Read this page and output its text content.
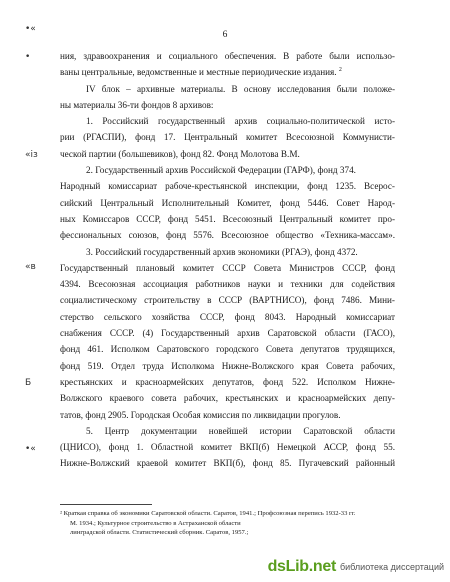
6
•«
•
«із
«в
Б
•«
ния, здравоохранения и социального обеспечения. В работе были использо-
ваны центральные, ведомственные и местные периодические издания. $^2$
IV блок – архивные материалы. В основу исследования были положе-
ны материалы 36-ти фондов 8 архивов:
1. Российский государственный архив социально-политической исто-
рии (РГАСПИ), фонд 17. Центральный комитет Всесоюзной Коммунисти-
ческой партии (большевиков), фонд 82. Фонд Молотова В.М.
2. Государственный архив Российской Федерации (ГАРФ), фонд 374.
Народный комиссариат рабоче-крестьянской инспекции, фонд 1235. Всерос-
сийский Центральный Исполнительный Комитет, фонд 5446. Совет Народ-
ных Комиссаров СССР, фонд 5451. Всесоюзный Центральный комитет про-
фессиональных союзов, фонд 5576. Всесоюзное общество «Техника-массам».
3. Российский государственный архив экономики (РГАЭ), фонд 4372.
Государственный плановый комитет СССР Совета Министров СССР, фонд
4394. Всесоюзная ассоциация работников науки и техники для содействия
социалистическому строительству в СССР (ВАРТНИСО), фонд 7486. Мини-
стерство сельского хозяйства СССР, фонд 8043. Народный комиссариат
снабжения СССР. (4) Государственный архив Саратовской области (ГАСО),
фонд 461. Исполком Саратовского городского Совета депутатов трудящихся,
фонд 519. Отдел труда Исполкома Нижне-Волжского края Совета рабочих,
крестьянских и красноармейских депутатов, фонд 522. Исполком Нижне-
Волжского краевого совета рабочих, крестьянских и красноармейских депу-
татов, фонд 2905. Городская Особая комиссия по ликвидации прогулов.
5. Центр документации новейшей истории Саратовской области
(ЦНИСО), фонд 1. Областной комитет ВКП(б) Немецкой АССР, фонд 55.
Нижне-Волжский краевой комитет ВКП(б), фонд 85. Пугачевский районный
² Краткая справка об экономики Саратовской области. Саратов, 1941.; Профсоюзная перепись 1932-33 гг.
М. 1934.; Культурное строительство в Астраханской области
линградской области. Статистический сборник. Саратов, 1957.;
dsLib.net библиотека диссертаций
